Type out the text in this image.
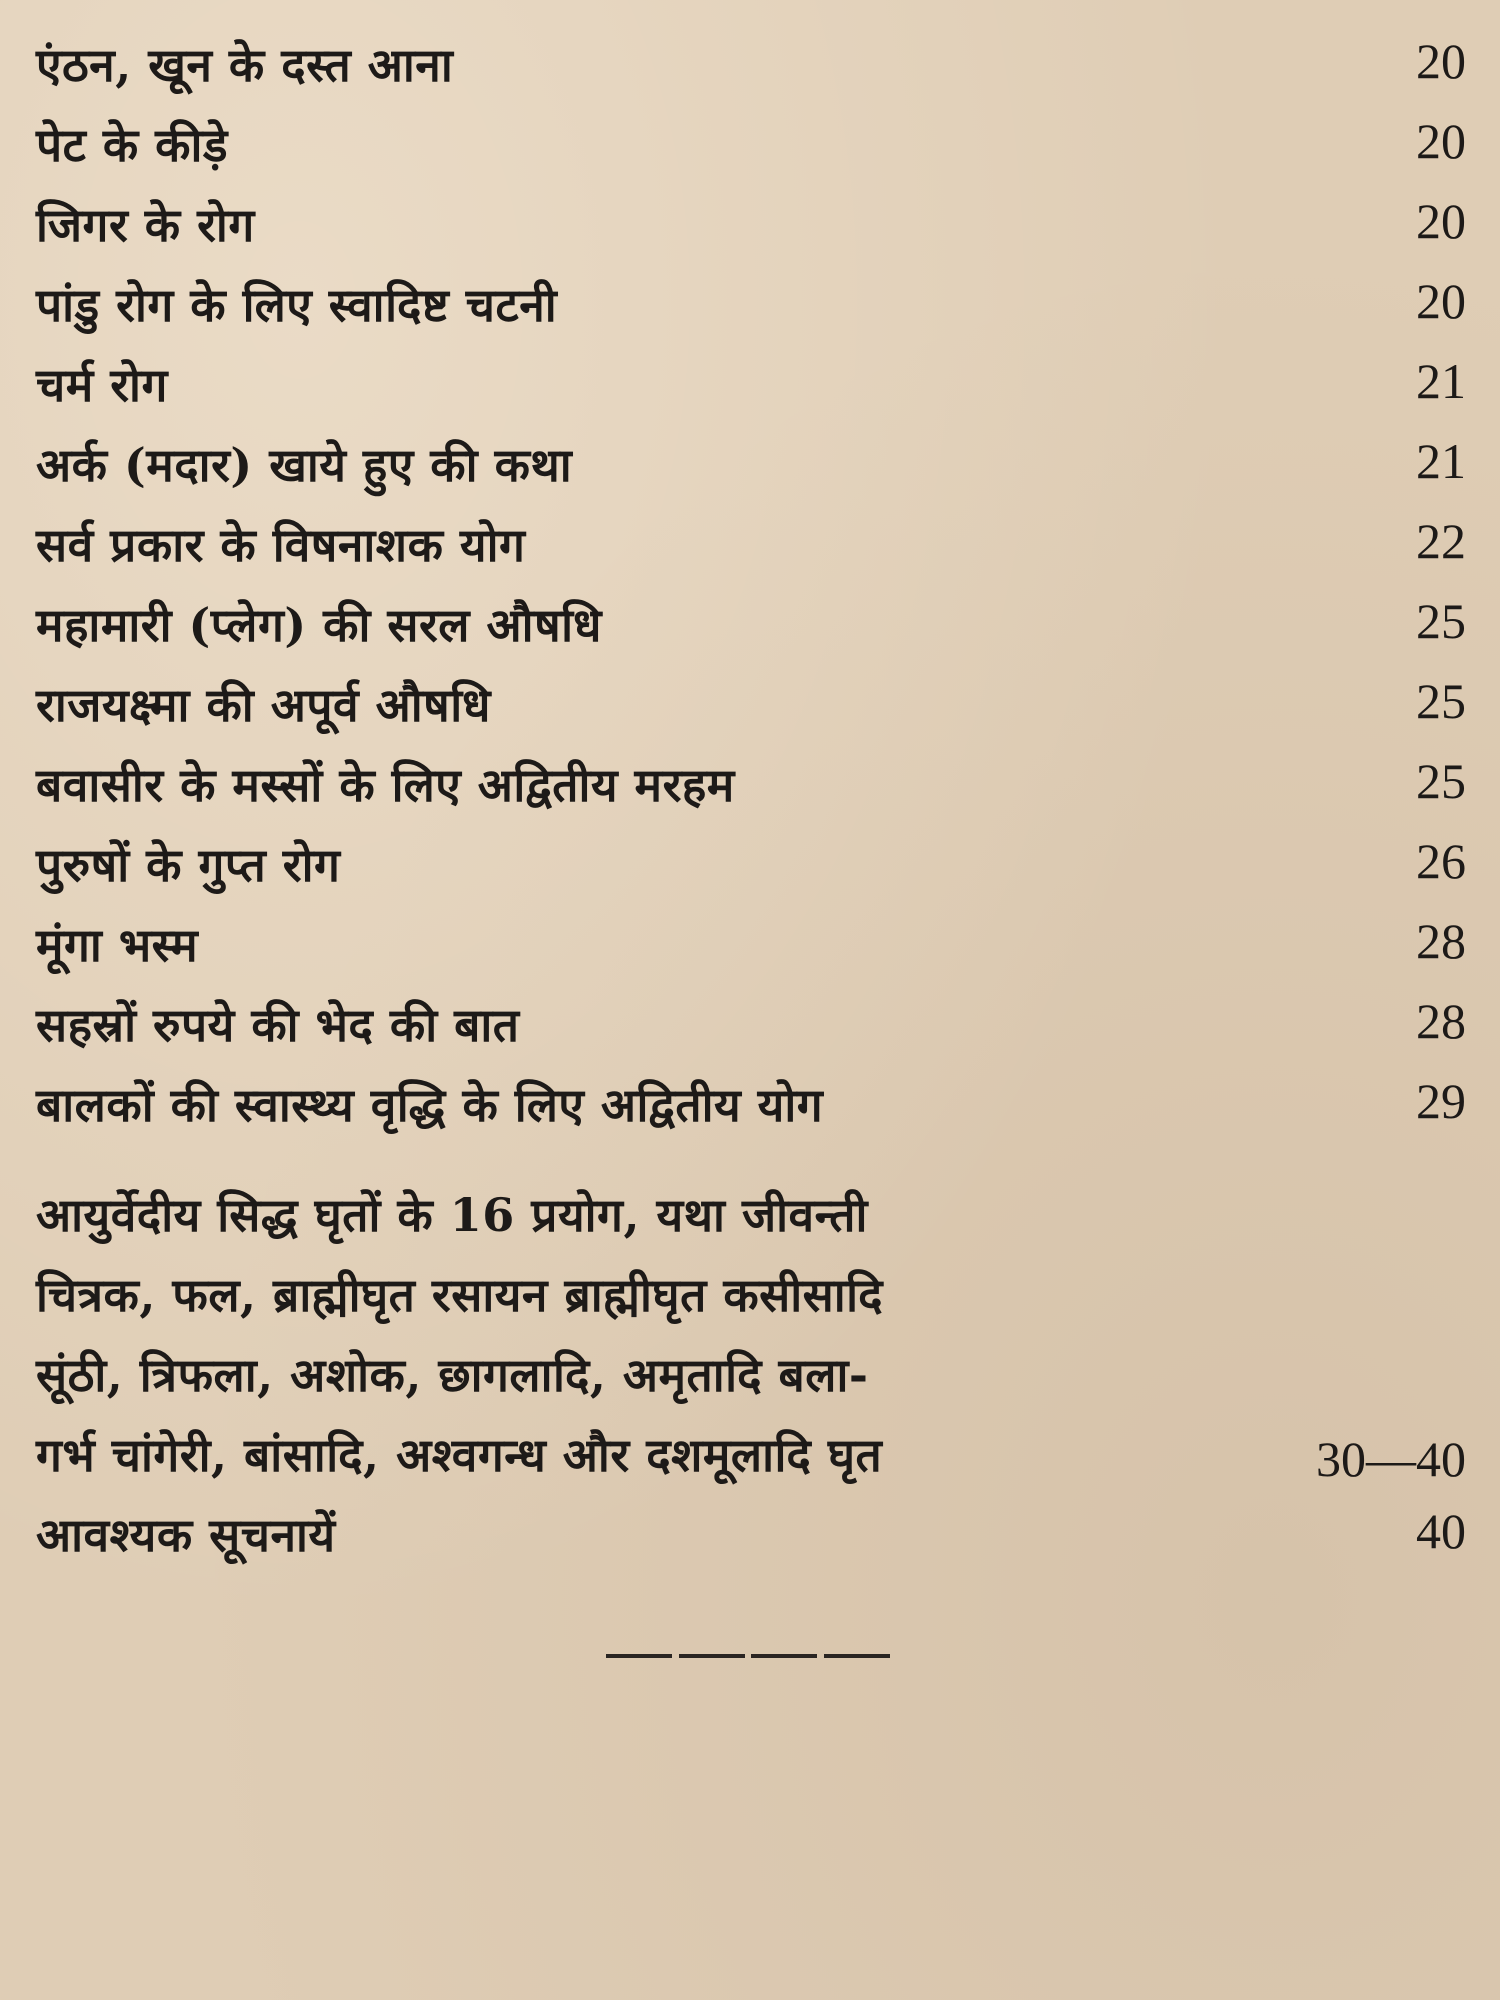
एंठन, खून के दस्त आना	20
पेट के कीड़े	20
जिगर के रोग	20
पांडु रोग के लिए स्वादिष्ट चटनी	20
चर्म रोग	21
अर्क (मदार) खाये हुए की कथा	21
सर्व प्रकार के विषनाशक योग	22
महामारी (प्लेग) की सरल औषधि	25
राजयक्ष्मा की अपूर्व औषधि	25
बवासीर के मस्सों के लिए अद्वितीय मरहम	25
पुरुषों के गुप्त रोग	26
मूंगा भस्म	28
सहस्रों रुपये की भेद की बात	28
बालकों की स्वास्थ्य वृद्धि के लिए अद्वितीय योग	29
आयुर्वेदीय सिद्ध घृतों के 16 प्रयोग, यथा जीवन्ती
चित्रक, फल, ब्राह्मीघृत रसायन ब्राह्मीघृत कसीसादि
सूंठी, त्रिफला, अशोक, छागलादि, अमृतादि बला-
गर्भ चांगेरी, बांसादि, अश्वगन्ध और दशमूलादि घृत	30—40
आवश्यक सूचनायें	40
